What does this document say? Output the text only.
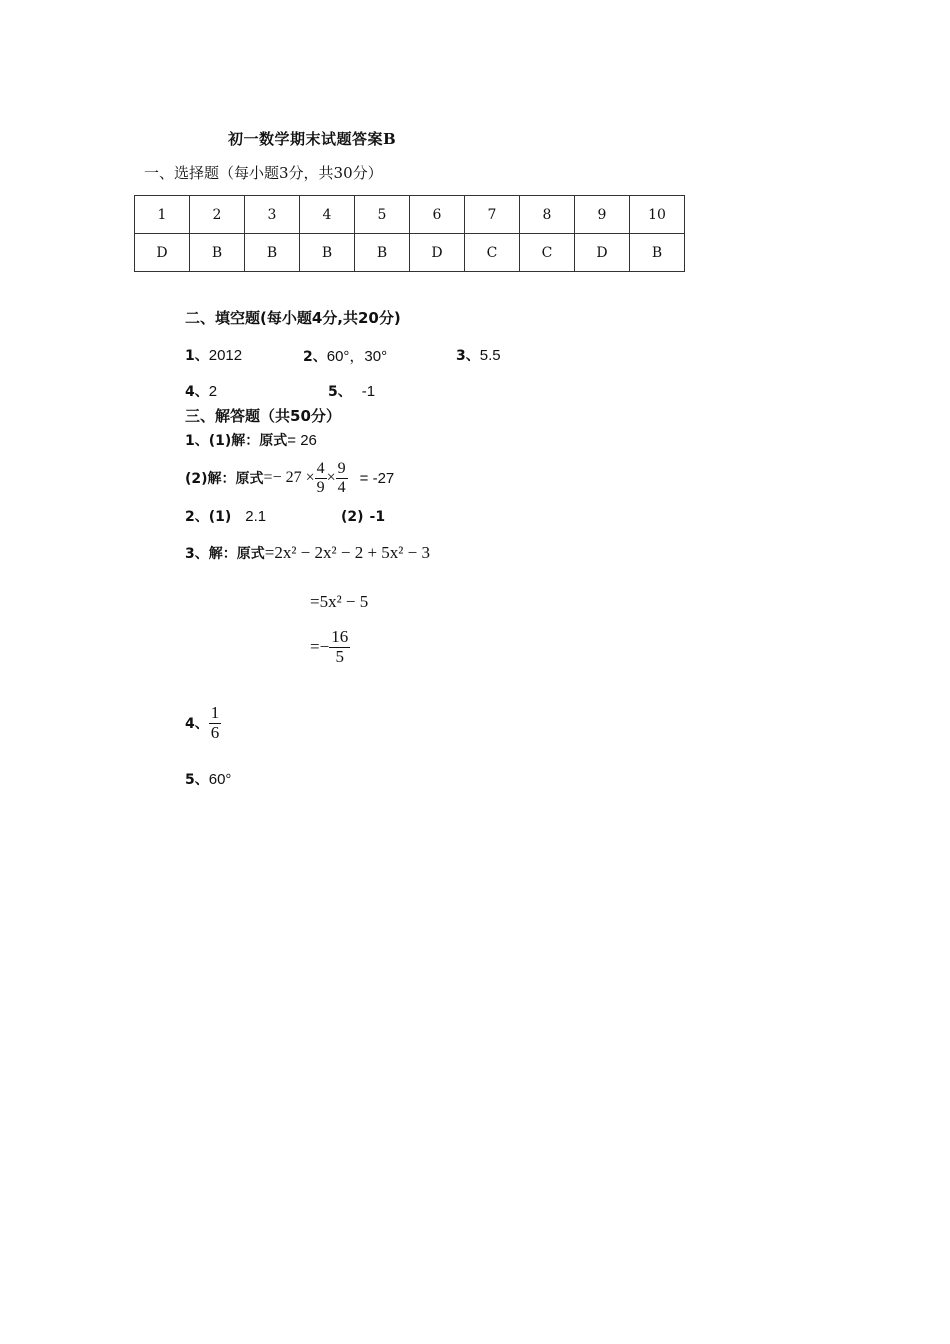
初一数学期末试题答案B
一、选择题（每小题3分，共30分）
1	2	3	4	5	6	7	8	9	10
D	B	B	B	B	D	C	C	D	B
二、填空题(每小题4分,共20分)
1、2012	2、60°，30°	3、5.5
4、2	5、 -1
三、解答题（共50分）
1、(1)解：原式= 26
(2)解：原式 =− $27 \times \frac{4}{9} \times \frac{9}{4} = -27$
2、(1) 2.1	(2) -1
3、解：原式=2x² − 2x² − 2 + 5x² − 3
=5x² − 5
=− $\frac{16}{5}$
4、 $\frac{1}{6}$
5、60°
